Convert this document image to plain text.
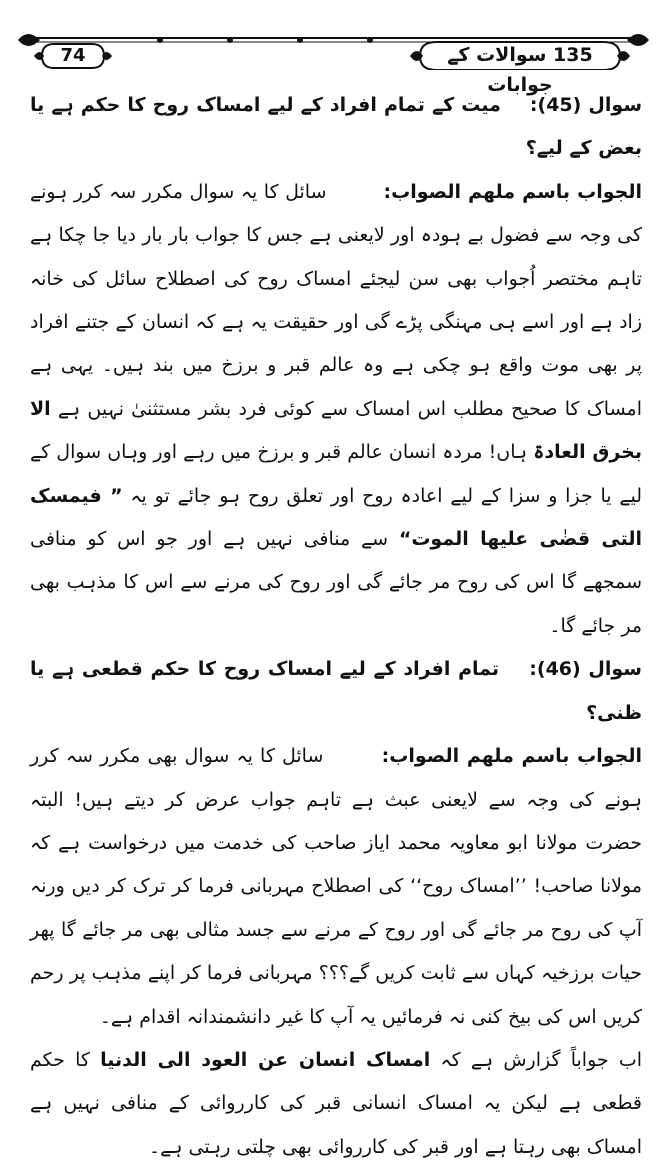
74	135 سوالات کے جوابات

سوال (45):  میت کے تمام افراد کے لیے امساک روح کا حکم ہے یا بعض کے لیے؟

الجواب باسم ملھم الصواب:  سائل کا یہ سوال مکرر سہ کرر ہونے کی وجہ سے فضول بے ہودہ اور لایعنی ہے جس کا جواب بار بار دیا جا چکا ہے تاہم مختصر اُجواب بھی سن لیجئے امساک روح کی اصطلاح سائل کی خانہ زاد ہے اور اسے ہی مہنگی پڑے گی اور حقیقت یہ ہے کہ انسان کے جتنے افراد پر بھی موت واقع ہو چکی ہے وہ عالم قبر و برزخ میں بند ہیں۔ یہی ہے امساک کا صحیح مطلب اس امساک سے کوئی فرد بشر مستثنیٰ نہیں ہے الا بخرق العادۃ ہاں! مردہ انسان عالم قبر و برزخ میں رہے اور وہاں سوال کے لیے یا جزا و سزا کے لیے اعادہ روح اور تعلق روح ہو جائے تو یہ ” فیمسک التی قضٰی علیھا الموت“ سے منافی نہیں ہے اور جو اس کو منافی سمجھے گا اس کی روح مر جائے گی اور روح کی مرنے سے اس کا مذہب بھی مر جائے گا۔

سوال (46):  تمام افراد کے لیے امساک روح کا حکم قطعی ہے یا ظنی؟

الجواب باسم ملھم الصواب:  سائل کا یہ سوال بھی مکرر سہ کرر ہونے کی وجہ سے لایعنی عبث ہے تاہم جواب عرض کر دیتے ہیں! البتہ حضرت مولانا ابو معاویہ محمد ایاز صاحب کی خدمت میں درخواست ہے کہ مولانا صاحب! ’’امساک روح‘‘ کی اصطلاح مہربانی فرما کر ترک کر دیں ورنہ آپ کی روح مر جائے گی اور روح کے مرنے سے جسد مثالی بھی مر جائے گا پھر حیات برزخیہ کہاں سے ثابت کریں گے؟؟؟ مہربانی فرما کر اپنے مذہب پر رحم کریں اس کی بیخ کنی نہ فرمائیں یہ آپ کا غیر دانشمندانہ اقدام ہے۔

اب جواباً گزارش ہے کہ امساک انسان عن العود الی الدنیا کا حکم قطعی ہے لیکن یہ امساک انسانی قبر کی کارروائی کے منافی نہیں ہے امساک بھی رہتا ہے اور قبر کی کارروائی بھی چلتی رہتی ہے۔
